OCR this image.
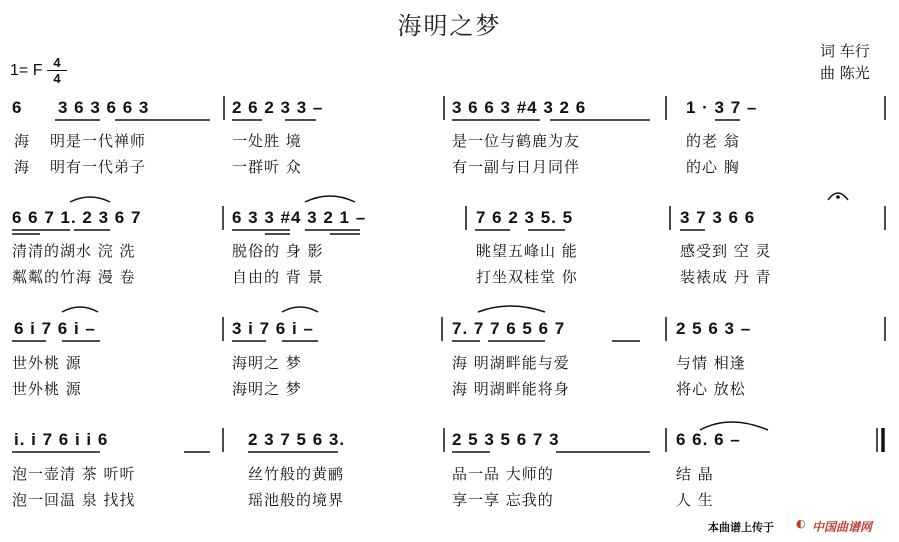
海明之梦
词 车行
曲 陈光
1= F 4
4
6 3 6 3 6 6 3	2 6 2 3 3 –	3 6 6 3 #4 3 2 6	1 · 3 7 –
海 明是一代禅师	一处胜 境	是一位与鹤鹿为友	的老 翁
海 明有一代弟子	一群听 众	有一副与日月同伴	的心 胸
6 6 7 1. 2 3 6 7	6 3 3 #4 3 2 1 –	7 6 2 3 5. 5	3 7 3 6 6
清清的湖水 浣 洗	脱俗的 身 影	眺望五峰山 能	感受到 空 灵
粼粼的竹海 漫 卷	自由的 背 景	打坐双桂堂 你	装裱成 丹 青
6 i 7 6 i –	3 i 7 6 i –	7. 7 7 6 5 6 7	2 5 6 3 –
世外桃 源	海明之 梦	海 明湖畔能与爱	与情 相逢
世外桃 源	海明之 梦	海 明湖畔能将身	将心 放松
i. i 7 6 i i 6	2 3 7 5 6 3.	2 5 3 5 6 7 3	6 6. 6 –
泡一壶清 茶 听听	丝竹般的黄鹂	品一品 大师的	结 晶
泡一回温 泉 找找	瑶池般的境界	享一享 忘我的	人 生
本曲谱上传于 ◐ 中国曲谱网
